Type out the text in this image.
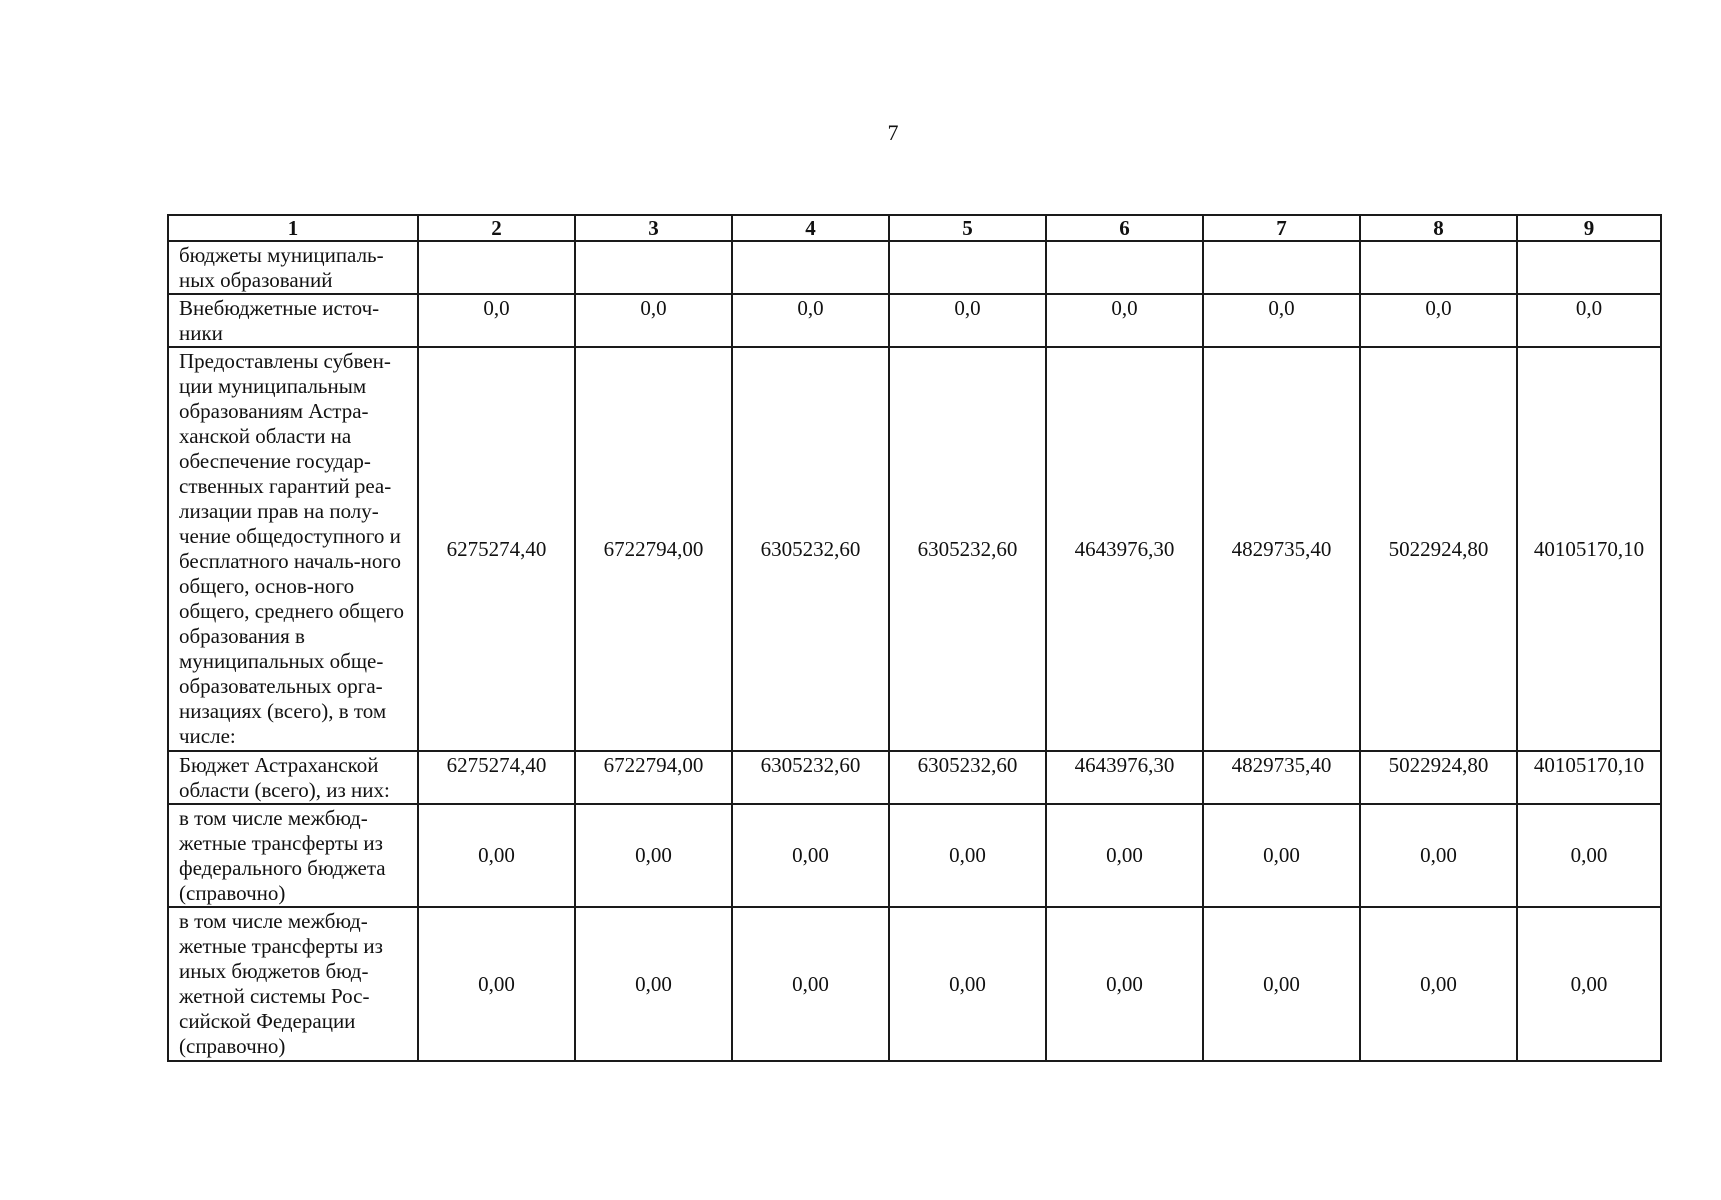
7
1	2	3	4	5	6	7	8	9
бюджеты муниципаль-ных образований								
Внебюджетные источ-ники	0,0	0,0	0,0	0,0	0,0	0,0	0,0	0,0
Предоставлены субвен-ции муниципальным образованиям Астра-ханской области на обеспечение государ-ственных гарантий реа-лизации прав на полу-чение общедоступного и бесплатного началь-ного общего, основ-ного общего, среднего общего образования в муниципальных обще-образовательных орга-низациях (всего), в том числе:	6275274,40	6722794,00	6305232,60	6305232,60	4643976,30	4829735,40	5022924,80	40105170,10
Бюджет Астраханской области (всего), из них:	6275274,40	6722794,00	6305232,60	6305232,60	4643976,30	4829735,40	5022924,80	40105170,10
в том числе межбюд-жетные трансферты из федерального бюджета (справочно)	0,00	0,00	0,00	0,00	0,00	0,00	0,00	0,00
в том числе межбюд-жетные трансферты из иных бюджетов бюд-жетной системы Рос-сийской Федерации (справочно)	0,00	0,00	0,00	0,00	0,00	0,00	0,00	0,00
